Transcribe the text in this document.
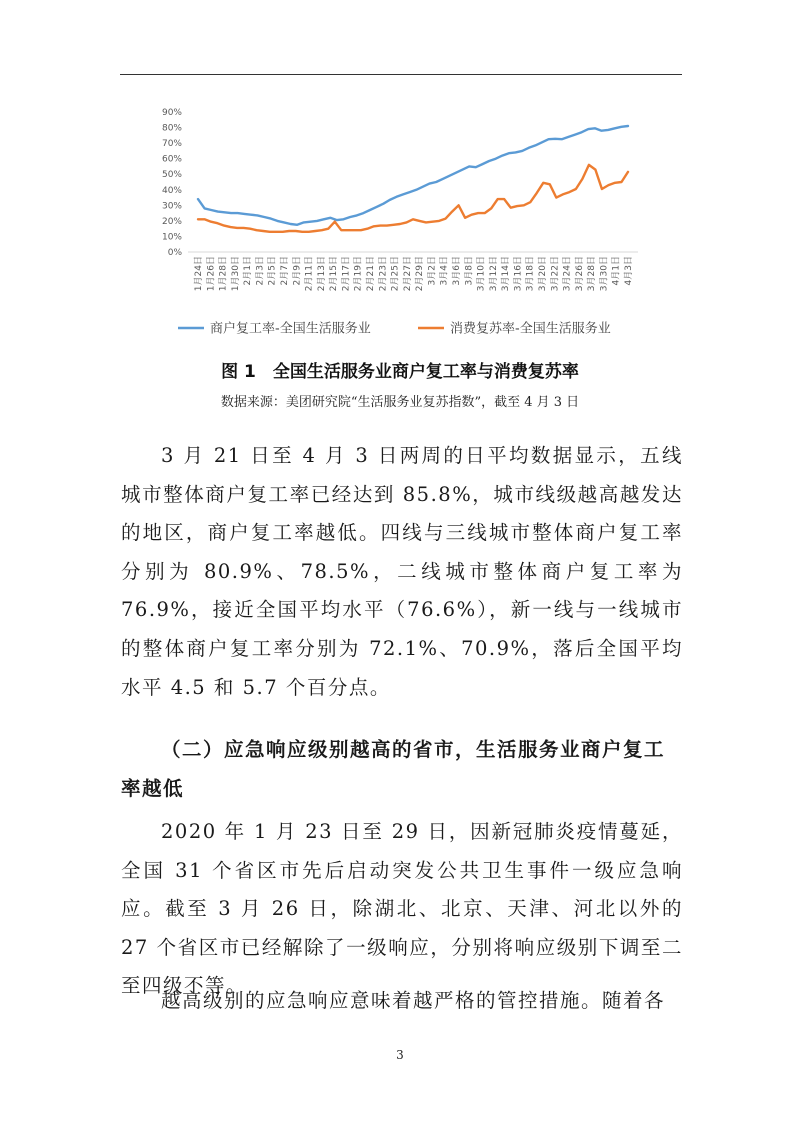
0%
10%
20%
30%
40%
50%
60%
70%
80%
90%
1月24日 1月26日 1月28日 1月30日 2月1日 2月3日 2月5日 2月7日 2月9日 2月11日 2月13日 2月15日 2月17日 2月19日 2月21日 2月23日 2月25日 2月27日 2月29日 3月2日 3月4日 3月6日 3月8日 3月10日 3月12日 3月14日 3月16日 3月18日 3月20日 3月22日 3月24日 3月26日 3月28日 3月30日 4月1日 4月3日
商户复工率-全国生活服务业	消费复苏率-全国生活服务业
图 1　全国生活服务业商户复工率与消费复苏率
数据来源：美团研究院“生活服务业复苏指数”，截至 4 月 3 日

3 月 21 日至 4 月 3 日两周的日平均数据显示，五线城市整体商户复工率已经达到 85.8%，城市线级越高越发达的地区，商户复工率越低。四线与三线城市整体商户复工率分别为 80.9%、78.5%，二线城市整体商户复工率为 76.9%，接近全国平均水平（76.6%），新一线与一线城市的整体商户复工率分别为 72.1%、70.9%，落后全国平均水平 4.5 和 5.7 个百分点。

（二）应急响应级别越高的省市，生活服务业商户复工率越低

2020 年 1 月 23 日至 29 日，因新冠肺炎疫情蔓延，全国 31 个省区市先后启动突发公共卫生事件一级应急响应。截至 3 月 26 日，除湖北、北京、天津、河北以外的 27 个省区市已经解除了一级响应，分别将响应级别下调至二至四级不等。

越高级别的应急响应意味着越严格的管控措施。随着各

3
